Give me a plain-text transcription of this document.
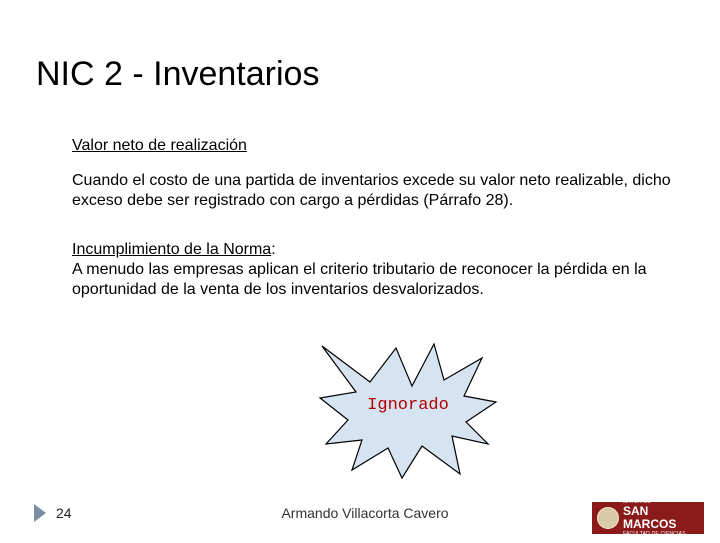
NIC 2 - Inventarios
Valor neto de realización
Cuando el costo de una partida de inventarios excede su valor neto realizable, dicho exceso debe ser registrado con cargo a pérdidas (Párrafo 28).
Incumplimiento de la Norma:
A menudo las empresas aplican el criterio tributario de reconocer la pérdida en la oportunidad de la venta de los inventarios desvalorizados.
Ignorado
24	Armando Villacorta Cavero
UNIVERSIDAD NACIONAL MAYOR DE
SAN MARCOS
FACULTAD DE CIENCIAS CONTABLES
